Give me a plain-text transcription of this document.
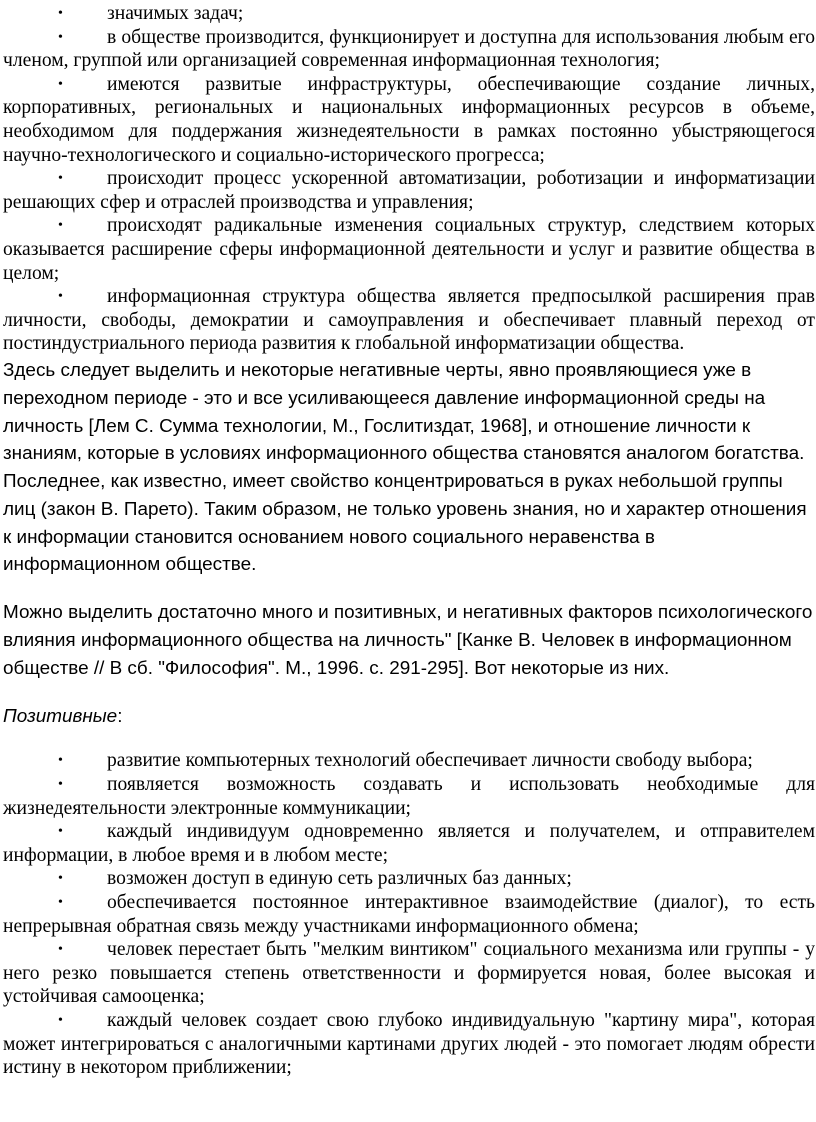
• значимых задач;

• в обществе производится, функционирует и доступна для использования любым его членом, группой или организацией современная информационная технология;

• имеются развитые инфраструктуры, обеспечивающие создание личных, корпоративных, региональных и национальных информационных ресурсов в объеме, необходимом для поддержания жизнедеятельности в рамках постоянно убыстряющегося научно-технологического и социально-исторического прогресса;

• происходит процесс ускоренной автоматизации, роботизации и информатизации решающих сфер и отраслей производства и управления;

• происходят радикальные изменения социальных структур, следствием которых оказывается расширение сферы информационной деятельности и услуг и развитие общества в целом;

• информационная структура общества является предпосылкой расширения прав личности, свободы, демократии и самоуправления и обеспечивает плавный переход от постиндустриального периода развития к глобальной информатизации общества.

Здесь следует выделить и некоторые негативные черты, явно проявляющиеся уже в переходном периоде - это и все усиливающееся давление информационной среды на личность [Лем С. Сумма технологии, М., Гослитиздат, 1968], и отношение личности к знаниям, которые в условиях информационного общества становятся аналогом богатства. Последнее, как известно, имеет свойство концентрироваться в руках небольшой группы лиц (закон В. Парето). Таким образом, не только уровень знания, но и характер отношения к информации становится основанием нового социального неравенства в информационном обществе.

Можно выделить достаточно много и позитивных, и негативных факторов психологического влияния информационного общества на личность" [Канке В. Человек в информационном обществе // В сб. "Философия". М., 1996. с. 291-295]. Вот некоторые из них.

Позитивные:

• развитие компьютерных технологий обеспечивает личности свободу выбора;

• появляется возможность создавать и использовать необходимые для жизнедеятельности электронные коммуникации;

• каждый индивидуум одновременно является и получателем, и отправителем информации, в любое время и в любом месте;

• возможен доступ в единую сеть различных баз данных;

• обеспечивается постоянное интерактивное взаимодействие (диалог), то есть непрерывная обратная связь между участниками информационного обмена;

• человек перестает быть "мелким винтиком" социального механизма или группы - у него резко повышается степень ответственности и формируется новая, более высокая и устойчивая самооценка;

• каждый человек создает свою глубоко индивидуальную "картину мира", которая может интегрироваться с аналогичными картинами других людей - это помогает людям обрести истину в некотором приближении;
